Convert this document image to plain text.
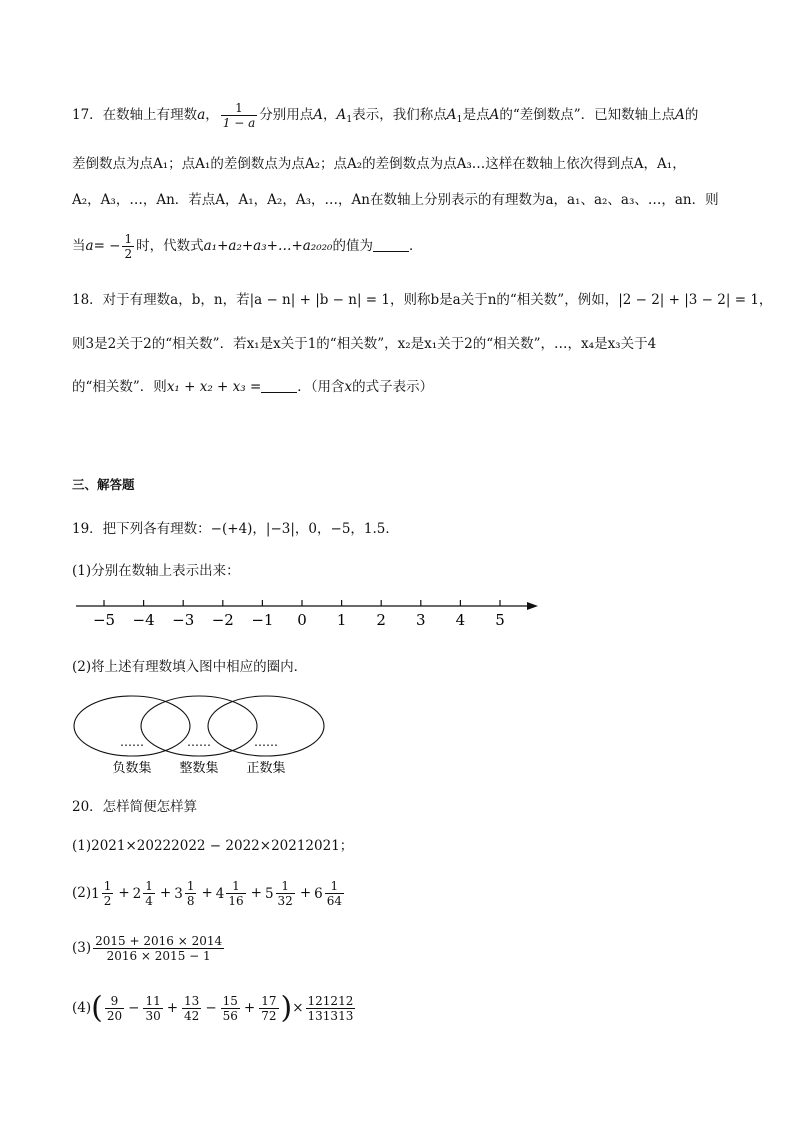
17．在数轴上有理数a， $\frac{1}{1 - a}$ 分别用点A，$A_1$表示，我们称点$A_1$是点A的“差倒数点”．已知数轴上点A的
差倒数点为点A₁；点A₁的差倒数点为点A₂；点A₂的差倒数点为点A₃…这样在数轴上依次得到点A，A₁，
A₂，A₃，…，An．若点A，A₁，A₂，A₃，…，An在数轴上分别表示的有理数为a，a₁、a₂、a₃、…，an．则
当$a= - \frac{1}{2}$ 时，代数式a₁+a₂+a₃+…+a₂₀₂₀的值为	．
18．对于有理数a，b，n，若|a − n| + |b − n| = 1，则称b是a关于n的“相关数”，例如，|2 − 2| + |3 − 2| = 1，
则3是2关于2的“相关数”．若x₁是x关于1的“相关数”，x₂是x₁关于2的“相关数”，…，x₄是x₃关于4
的“相关数”．则x₁ + x₂ + x₃ =	．（用含x的式子表示）
三、解答题
19．把下列各有理数：−(+4)，|−3|，0，−5，1.5．
(1)分别在数轴上表示出来：
−5 −4 −3 −2 −1 0 1 2 3 4 5
(2)将上述有理数填入图中相应的圈内．
……	……	……
负数集 整数集 正数集
20．怎样简便怎样算
(1)2021×20222022 − 2022×20212021；
(2) $1 \frac{1}{2} + 2 \frac{1}{4} + 3 \frac{1}{8} + 4 \frac{1}{16} + 5 \frac{1}{32} + 6 \frac{1}{64}$
$(3) \frac{2015 + 2016 \times 2014}{2016 \times 2015 - 1}$
$(4)( \frac{9}{20} - \frac{11}{30} + \frac{13}{42} - \frac{15}{56} + \frac{17}{72}$ )× $\frac{121212}{131313}$
